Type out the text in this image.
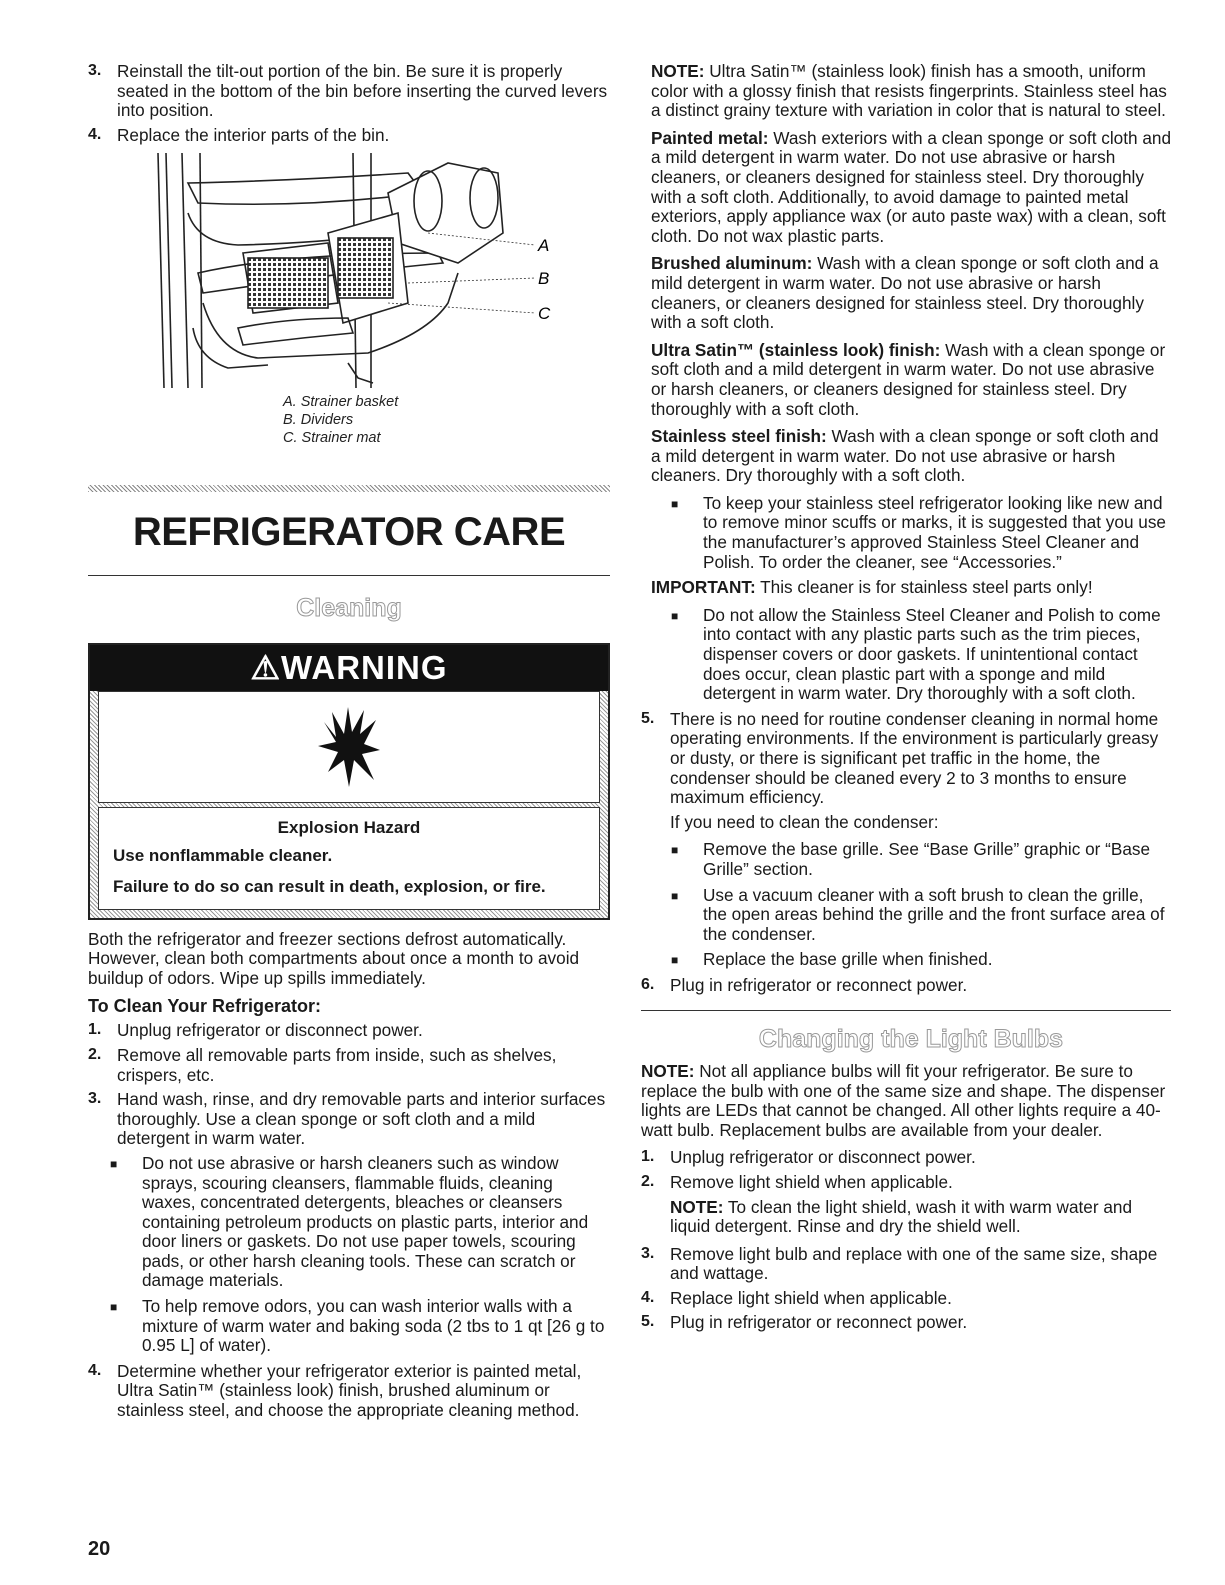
3. Reinstall the tilt-out portion of the bin. Be sure it is properly seated in the bottom of the bin before inserting the curved levers into position.
4. Replace the interior parts of the bin.
A
B
C
A. Strainer basket
B. Dividers
C. Strainer mat
REFRIGERATOR CARE
Cleaning
⚠WARNING
Explosion Hazard

Use nonflammable cleaner.

Failure to do so can result in death, explosion, or fire.

Both the refrigerator and freezer sections defrost automatically. However, clean both compartments about once a month to avoid buildup of odors. Wipe up spills immediately.

To Clean Your Refrigerator:
1. Unplug refrigerator or disconnect power.
2. Remove all removable parts from inside, such as shelves, crispers, etc.
3. Hand wash, rinse, and dry removable parts and interior surfaces thoroughly. Use a clean sponge or soft cloth and a mild detergent in warm water.
■	Do not use abrasive or harsh cleaners such as window sprays, scouring cleansers, flammable fluids, cleaning waxes, concentrated detergents, bleaches or cleansers containing petroleum products on plastic parts, interior and door liners or gaskets. Do not use paper towels, scouring pads, or other harsh cleaning tools. These can scratch or damage materials.
■	To help remove odors, you can wash interior walls with a mixture of warm water and baking soda (2 tbs to 1 qt [26 g to 0.95 L] of water).
4. Determine whether your refrigerator exterior is painted metal, Ultra Satin™ (stainless look) finish, brushed aluminum or stainless steel, and choose the appropriate cleaning method.

NOTE: Ultra Satin™ (stainless look) finish has a smooth, uniform color with a glossy finish that resists fingerprints. Stainless steel has a distinct grainy texture with variation in color that is natural to steel.

Painted metal: Wash exteriors with a clean sponge or soft cloth and a mild detergent in warm water. Do not use abrasive or harsh cleaners, or cleaners designed for stainless steel. Dry thoroughly with a soft cloth. Additionally, to avoid damage to painted metal exteriors, apply appliance wax (or auto paste wax) with a clean, soft cloth. Do not wax plastic parts.

Brushed aluminum: Wash with a clean sponge or soft cloth and a mild detergent in warm water. Do not use abrasive or harsh cleaners, or cleaners designed for stainless steel. Dry thoroughly with a soft cloth.

Ultra Satin™ (stainless look) finish: Wash with a clean sponge or soft cloth and a mild detergent in warm water. Do not use abrasive or harsh cleaners, or cleaners designed for stainless steel. Dry thoroughly with a soft cloth.

Stainless steel finish: Wash with a clean sponge or soft cloth and a mild detergent in warm water. Do not use abrasive or harsh cleaners. Dry thoroughly with a soft cloth.

■	To keep your stainless steel refrigerator looking like new and to remove minor scuffs or marks, it is suggested that you use the manufacturer’s approved Stainless Steel Cleaner and Polish. To order the cleaner, see “Accessories.”

IMPORTANT: This cleaner is for stainless steel parts only!

■	Do not allow the Stainless Steel Cleaner and Polish to come into contact with any plastic parts such as the trim pieces, dispenser covers or door gaskets. If unintentional contact does occur, clean plastic part with a sponge and mild detergent in warm water. Dry thoroughly with a soft cloth.
5. There is no need for routine condenser cleaning in normal home operating environments. If the environment is particularly greasy or dusty, or there is significant pet traffic in the home, the condenser should be cleaned every 2 to 3 months to ensure maximum efficiency.

If you need to clean the condenser:

■	Remove the base grille. See “Base Grille” graphic or “Base Grille” section.
■	Use a vacuum cleaner with a soft brush to clean the grille, the open areas behind the grille and the front surface area of the condenser.
■	Replace the base grille when finished.
6. Plug in refrigerator or reconnect power.
Changing the Light Bulbs

NOTE: Not all appliance bulbs will fit your refrigerator. Be sure to replace the bulb with one of the same size and shape. The dispenser lights are LEDs that cannot be changed. All other lights require a 40-watt bulb. Replacement bulbs are available from your dealer.

1. Unplug refrigerator or disconnect power.
2. Remove light shield when applicable.

NOTE: To clean the light shield, wash it with warm water and liquid detergent. Rinse and dry the shield well.

3. Remove light bulb and replace with one of the same size, shape and wattage.
4. Replace light shield when applicable.
5. Plug in refrigerator or reconnect power.
20
